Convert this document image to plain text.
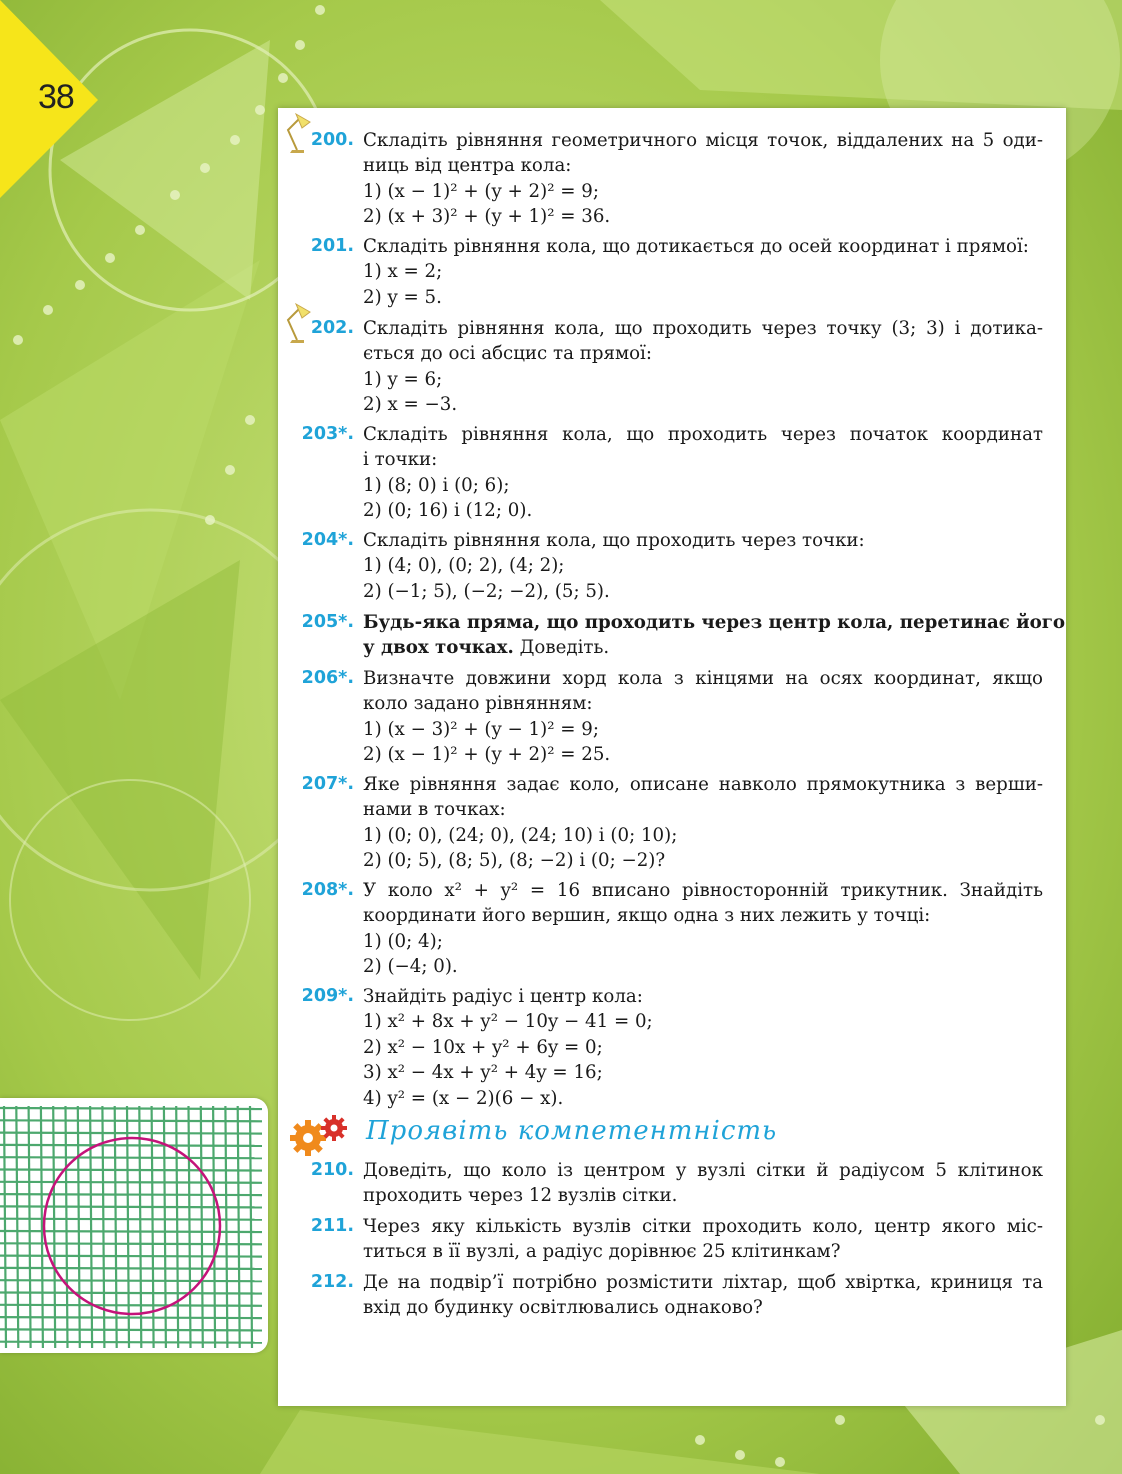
38
200. Складіть рівняння геометричного місця точок, віддалених на 5 оди-
ниць від центра кола:
1) (x − 1)² + (y + 2)² = 9;
2) (x + 3)² + (y + 1)² = 36.
201. Складіть рівняння кола, що дотикається до осей координат і прямої:
1) x = 2;
2) y = 5.
202. Складіть рівняння кола, що проходить через точку (3; 3) і дотика-
ється до осі абсцис та прямої:
1) y = 6;
2) x = −3.
203*. Складіть рівняння кола, що проходить через початок координат
і точки:
1) (8; 0) і (0; 6);
2) (0; 16) і (12; 0).
204*. Складіть рівняння кола, що проходить через точки:
1) (4; 0), (0; 2), (4; 2);
2) (−1; 5), (−2; −2), (5; 5).
205*. Будь-яка пряма, що проходить через центр кола, перетинає його
у двох точках. Доведіть.
206*. Визначте довжини хорд кола з кінцями на осях координат, якщо
коло задано рівнянням:
1) (x − 3)² + (y − 1)² = 9;
2) (x − 1)² + (y + 2)² = 25.
207*. Яке рівняння задає коло, описане навколо прямокутника з верши-
нами в точках:
1) (0; 0), (24; 0), (24; 10) і (0; 10);
2) (0; 5), (8; 5), (8; −2) і (0; −2)?
208*. У коло x² + y² = 16 вписано рівносторонній трикутник. Знайдіть
координати його вершин, якщо одна з них лежить у точці:
1) (0; 4);
2) (−4; 0).
209*. Знайдіть радіус і центр кола:
1) x² + 8x + y² − 10y − 41 = 0;
2) x² − 10x + y² + 6y = 0;
3) x² − 4x + y² + 4y = 16;
4) y² = (x − 2)(6 − x).
Проявіть компетентність
210. Доведіть, що коло із центром у вузлі сітки й радіусом 5 клітинок
проходить через 12 вузлів сітки.
211. Через яку кількість вузлів сітки проходить коло, центр якого міс-
титься в її вузлі, а радіус дорівнює 25 клітинкам?
212. Де на подвір’ї потрібно розмістити ліхтар, щоб хвіртка, криниця та
вхід до будинку освітлювались однаково?
